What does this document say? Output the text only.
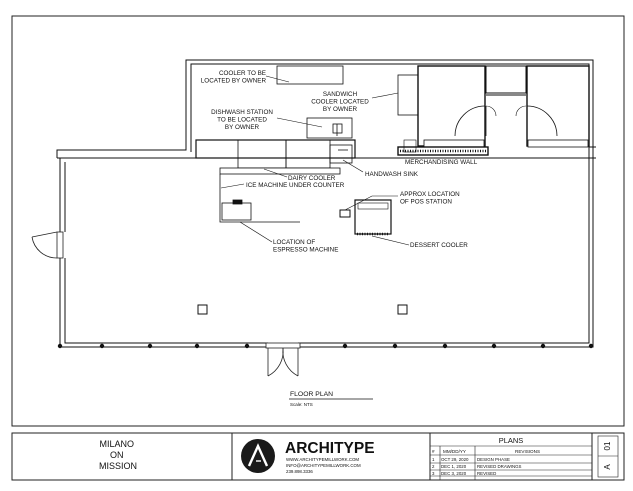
COOLER TO BE LOCATED BY OWNER
SANDWICH COOLER LOCATED BY OWNER
DISHWASH STATION TO BE LOCATED BY OWNER
MERCHANDISING WALL
HANDWASH SINK
DAIRY COOLER
ICE MACHINE UNDER COUNTER
APPROX LOCATION OF POS STATION
LOCATION OF ESPRESSO MACHINE
DESSERT COOLER
FLOOR PLAN
Scale: NTS
MILANO ON MISSION
ARCHITYPE
WWW.ARCHITYPEMILLWORK.COM INFO@ARCHITYPEMILLWORK.COM 239.898.3336
PLANS
# MM/DD/YY	REVISIONS
1 OCT 29, 2020 DESIGN PHASE
2 DEC 1, 2020 REVISED DRAWINGS
3 DEC 3, 2020 REVISED
01
A
